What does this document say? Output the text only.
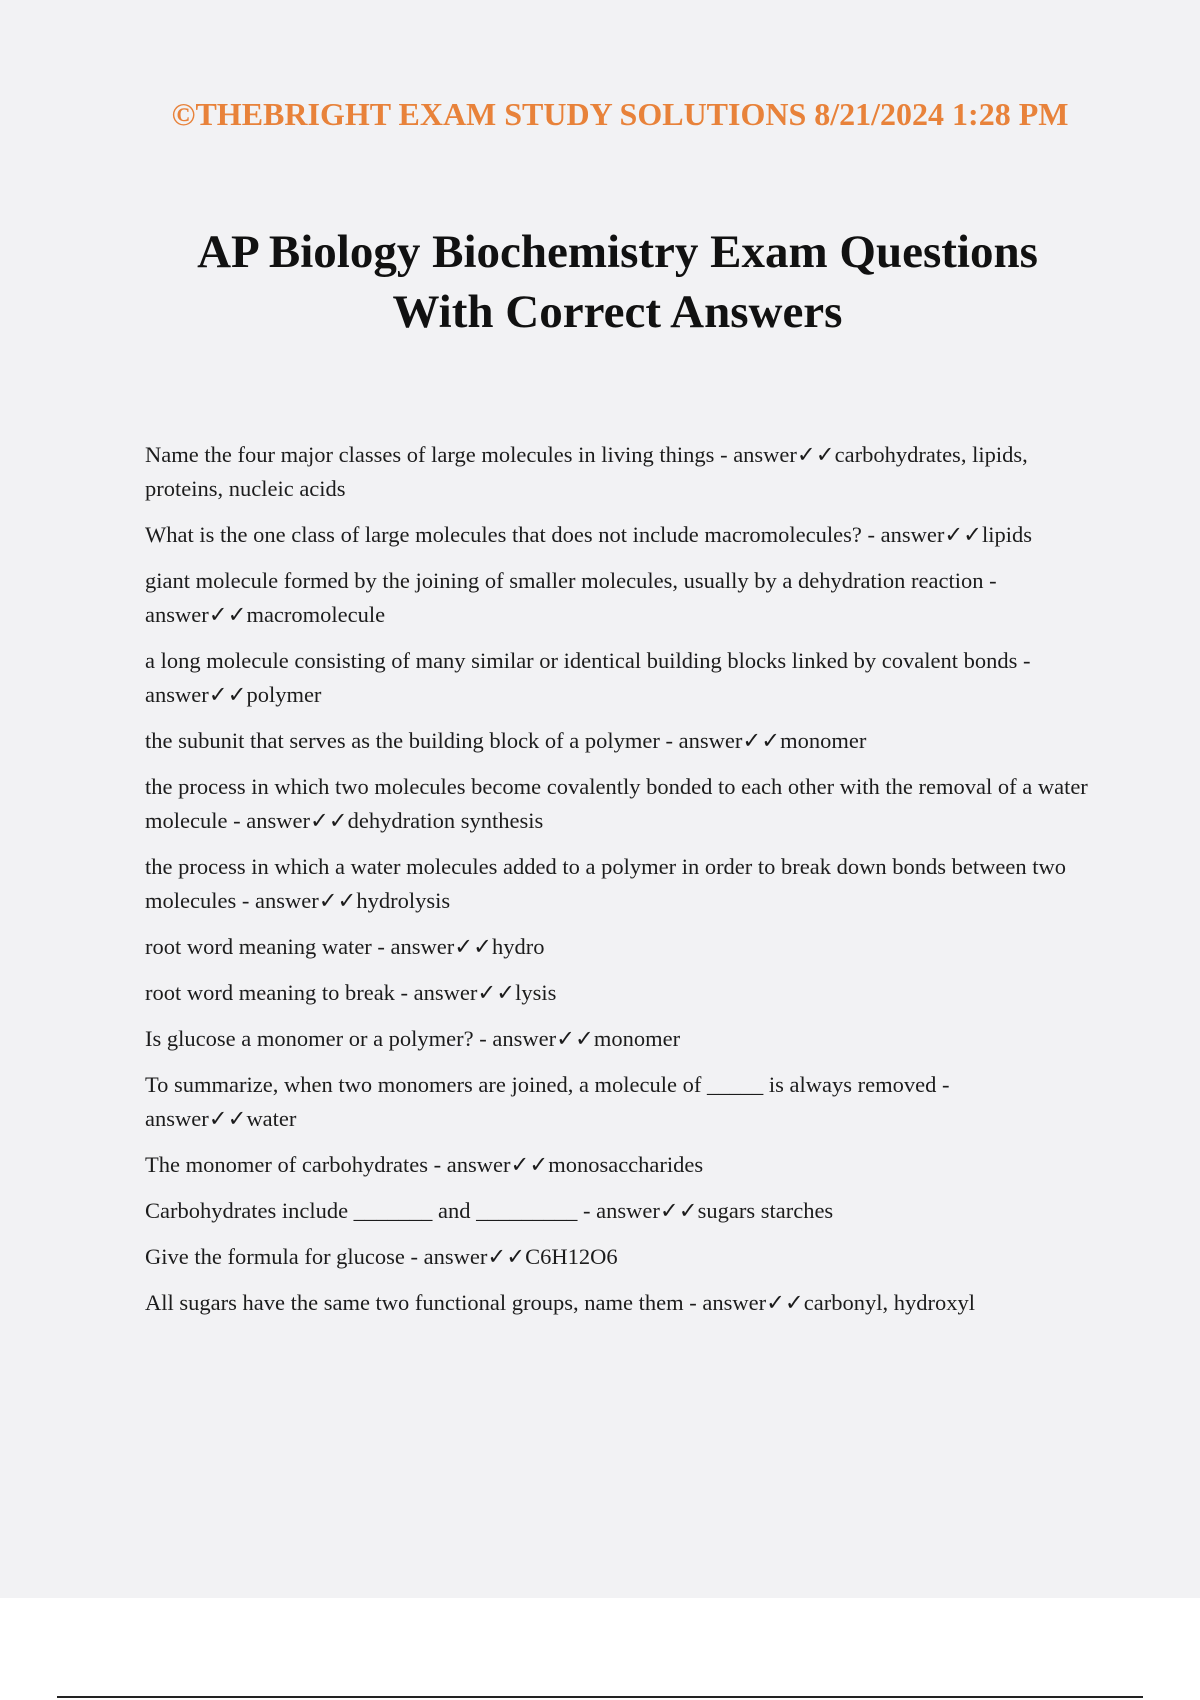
©THEBRIGHT EXAM STUDY SOLUTIONS 8/21/2024 1:28 PM
AP Biology Biochemistry Exam Questions
With Correct Answers
Name the four major classes of large molecules in living things - answer✓✓carbohydrates, lipids, proteins, nucleic acids
What is the one class of large molecules that does not include macromolecules? - answer✓✓lipids
giant molecule formed by the joining of smaller molecules, usually by a dehydration reaction - answer✓✓macromolecule
a long molecule consisting of many similar or identical building blocks linked by covalent bonds - answer✓✓polymer
the subunit that serves as the building block of a polymer - answer✓✓monomer
the process in which two molecules become covalently bonded to each other with the removal of a water molecule - answer✓✓dehydration synthesis
the process in which a water molecules added to a polymer in order to break down bonds between two molecules - answer✓✓hydrolysis
root word meaning water - answer✓✓hydro
root word meaning to break - answer✓✓lysis
Is glucose a monomer or a polymer? - answer✓✓monomer
To summarize, when two monomers are joined, a molecule of _____ is always removed - answer✓✓water
The monomer of carbohydrates - answer✓✓monosaccharides
Carbohydrates include _______ and _________ - answer✓✓sugars starches
Give the formula for glucose - answer✓✓C6H12O6
All sugars have the same two functional groups, name them - answer✓✓carbonyl, hydroxyl
